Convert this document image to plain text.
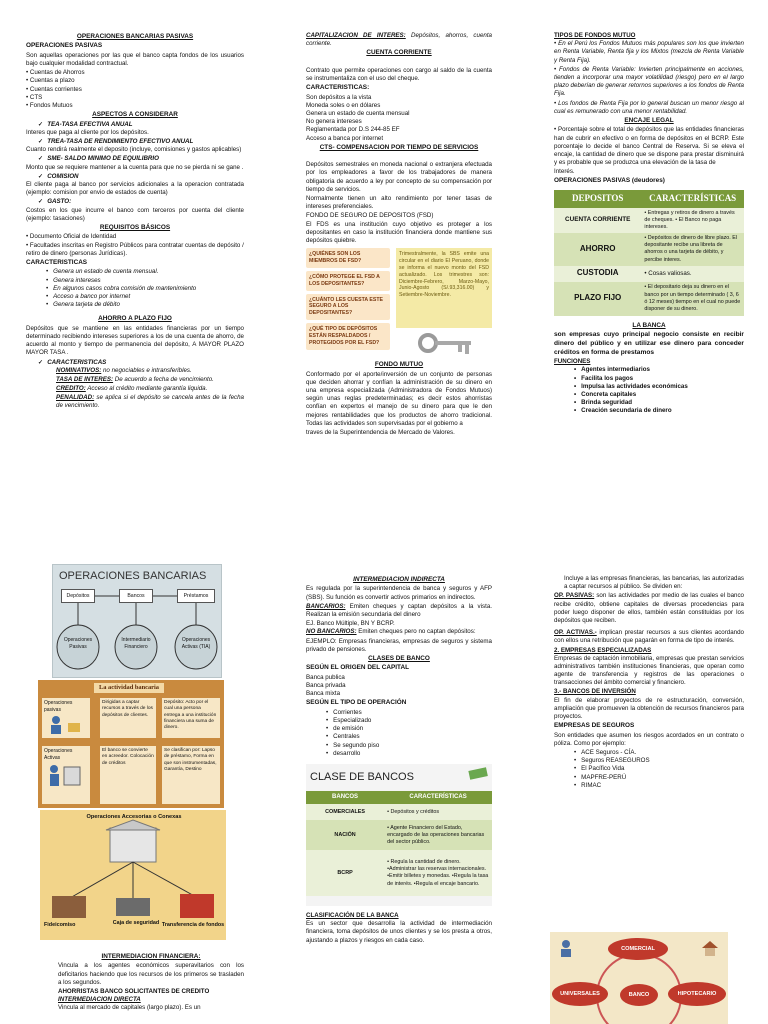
OPERACIONES BANCARIAS PASIVAS
OPERACIONES PASIVAS
Son aquellas operaciones por las que el banco capta fondos de los usuarios bajo cualquier modalidad contractual.
• Cuentas de Ahorros
• Cuentas a plazo
• Cuentas corrientes
• CTS
• Fondos Mutuos
ASPECTOS A CONSIDERAR
✓ TEA-TASA EFECTIVA ANUAL
Interes que paga al cliente por los depósitos.
✓ TREA-TASA DE RENDIMIENTO EFECTIVO ANUAL
Cuanto rendirá realmente el deposito (incluye, comisiones y gastos aplicables)
✓ SME- SALDO MINIMO DE EQUILIBRIO
Monto que se requiere mantener a la cuenta para que no se pierda ni se gane .
✓ COMISION
El cliente paga al banco por servicios adicionales a la operacion contratada (ejemplo: comision por envio de estados de cuenta)
✓ GASTO:
Costos en los que incurre el banco com terceros por cuenta del cliente (ejemplo: tasaciones)
REQUISITOS BÁSICOS
• Documento Oficial de Identidad
• Facultades inscritas en Registro Públicos para contratar cuentas de depósito / retiro de dinero (personas Jurídicas).
CARACTERISTICAS
• Genera un estado de cuenta mensual.
• Genera intereses
• En algunos casos cobra comisión de mantenimiento
• Acceso a banco por internet
• Genera tarjeta de débito
AHORRO A PLAZO FIJO
Depósitos que se mantiene en las entidades financieras por un tiempo determinado recibiendo intereses superiores a los de una cuenta de ahorro, de acuerdo al monto y tiempo de permanencia del depósito, A MAYOR PLAZO MAYOR TASA .
✓ CARACTERISTICAS
NOMINATIVOS: no negociables e intransferibles.
TASA DE INTERES: De acuerdo a fecha de vencimiento.
CREDITO: Acceso al crédito mediante garantía liquida.
PENALIDAD: se aplica si el depósito se cancela antes de la fecha de vencimiento.
CAPITALIZACION DE INTERES: Depósitos, ahorros, cuenta corriente.
CUENTA CORRIENTE
Contrato que permite operaciones con cargo al saldo de la cuenta se instrumentaliza con el uso del cheque.
CARACTERISTICAS:
Son depósitos a la vista
Moneda soles o en dólares
Genera un estado de cuenta mensual
No genera intereses
Reglamentada por D.S 244-85 EF
Acceso a banca por internet
CTS- COMPENSACION POR TIEMPO DE SERVICIOS
Depósitos semestrales en moneda nacional o extranjera efectuada por los empleadores a favor de los trabajadores de manera obligatoria de acuerdo a ley por concepto de su compensación por tiempo de servicios.
Normalmente tienen un alto rendimiento por tener tasas de intereses preferenciales.
FONDO DE SEGURO DE DEPOSITOS (FSD)
El FDS es una institución cuyo objetivo es proteger a los depositantes en caso la institución financiera donde mantiene sus depósitos quiebre.
¿QUIÉNES SON LOS MIEMBROS DE FSD?
¿CÓMO PROTEGE EL FSD A LOS DEPOSITANTES?
¿CUÁNTO LES CUESTA ESTE SEGURO A LOS DEPOSITANTES?
¿QUÉ TIPO DE DEPÓSITOS ESTÁN RESPALDADOS / PROTEGIDOS POR EL FSD?
Trimestralmente, la SBS emite una circular en el diario El Peruano, donde se informa el nuevo monto del FSD actualizado. Los trimestres son: Diciembre-Febrero, Marzo-Mayo, Junio-Agosto (S/.93,316.00) y Setiembre-Noviembre.
FONDO MUTUO
Conformado por el aporte/inversión de un conjunto de personas que deciden ahorrar y confían la administración de su dinero en una empresa especializada (Administradora de Fondos Mutuos) según unas reglas predeterminadas; es decir estos ahorristas confían en expertos el manejo de su dinero para que le den mejores rentabilidades que los productos de ahorro tradicional. Todas las actividades son supervisadas por el gobierno a
traves de la Superintendencia de Mercado de Valores.
TIPOS DE FONDOS MUTUO
• En el Perú los Fondos Mutuos más populares son los que invierten en Renta Variable, Renta fija y los Mixtos (mezcla de Renta Variable y Renta Fija).
• Fondos de Renta Variable: Invierten principalmente en acciones, tienden a incorporar una mayor volatilidad (riesgo) pero en el largo plazo deberían de generar retornos superiores a los fondos de Renta Fija.
• Los fondos de Renta Fija por lo general buscan un menor riesgo al cual es remunerado con una menor rentabilidad.
ENCAJE LEGAL
• Porcentaje sobre el total de depósitos que las entidades financieras han de cubrir en efectivo o en forma de depósitos en el BCRP. Este porcentaje lo decide el banco Central de Reserva. Si se eleva el encaje, la cantidad de dinero que se dispone para prestar disminuirá y es probable que se produzca una elevación de la tasa de
Interés.
OPERACIONES PASIVAS (deudores)
DEPOSITOS	CARACTERÍSTICAS
CUENTA CORRIENTE	• Entregas y retiros de dinero a través de cheques. • El Banco no paga intereses.
AHORRO	• Depósitos de dinero de libre plazo. El depositante recibe una libreta de ahorros o una tarjeta de débito, y percibe interes.
CUSTODIA	• Cosas valiosas.
PLAZO FIJO	• El depositario deja su dinero en el banco por un tiempo determinado ( 3, 6 ó 12 meses) tiempo en el cual no puede disponer de su dinero.
LA BANCA
son empresas cuyo principal negocio consiste en recibir dinero del público y en utilizar ese dinero para conceder créditos en forma de prestamos
FUNCIONES
• Agentes intermediarios
• Facilita los pagos
• Impulsa las actividades económicas
• Concreta capitales
• Brinda seguridad
• Creación secundaria de dinero
OPERACIONES BANCARIAS
Depósitos	Bancos	Préstamos
Operaciones Pasivas
Intermediario Financiero
Operaciones Activas (TIA)
La actividad bancaria
Operaciones pasivas
Dirigidas a captar recursos a través de los depósitos de clientes.
Depósito: Acto por el cual una persona entrega a una institución financiera una suma de dinero.
Operaciones Activas
El banco se convierte en acreedor. Colocación de créditos
Se clasifican por: Lapso de préstamo, Forma en que son instrumentadas, Garantía, Destino
Operaciones Accesorias o Conexas
Fideicomiso	Caja de seguridad Transferencia de fondos
INTERMEDIACION FINANCIERA:
Vincula a los agentes económicos superavitarios con los deficitarios haciendo que los recursos de los primeros se trasladen a los segundos.
AHORRISTAS BANCO SOLICITANTES DE CREDITO
INTERMEDIACION DIRECTA
Vincula al mercado de capitales (largo plazo). Es un
INTERMEDIACION INDIRECTA
Es regulada por la superintendencia de banca y seguros y AFP (SBS). Su función es convertir activos primarios en indirectos.
BANCARIOS: Emiten cheques y captan depósitos a la vista. Realizan la emisión secundaria del dinero
EJ. Banco Múltiple, BN Y BCRP.
NO BANCARIOS: Emiten cheques pero no captan depósitos:
EJEMPLO: Empresas financieras, empresas de seguros y sistema privado de pensiones.
CLASES DE BANCO
SEGÚN EL ORIGEN DEL CAPITAL
Banca publica
Banca privada
Banca mixta
SEGÚN EL TIPO DE OPERACIÓN
• Corrientes
• Especializado
• de emisión
• Centrales
• Se segundo piso
• desarrollo
CLASE DE BANCOS
BANCOS	CARACTERÍSTICAS
COMERCIALES	• Depósitos y créditos
NACIÓN	• Agente Financiero del Estado, encargado de las operaciones bancarias del sector público.
BCRP	• Regula la cantidad de dinero. •Administrar las reservas internacionales. •Emitir billetes y monedas. •Regula la tasa de interés. •Regula el encaje bancario.
CLASIFICACIÓN DE LA BANCA
Es un sector que desarrolla la actividad de intermediación financiera, toma depósitos de unos clientes y se los presta a otros, ajustando a plazos y riesgos en cada caso.
Incluye a las empresas financieras, las bancarias, las autorizadas a captar recursos al público. Se dividen en:
OP. PASIVAS: son las actividades por medio de las cuales el banco recibe crédito, obtiene capitales de diversas procedencias para poder luego disponer de ellos, también están constituidas por los depósitos que reciben.
OP. ACTIVAS.- implican prestar recursos a sus clientes acordando con ellos una retribución que pagarán en forma de tipo de interés.
2. EMPRESAS ESPECIALIZADAS
Empresas de captación inmobiliaria, empresas que prestan servicios administrativos también instituciones financieras, que operan como agente de transferencia y registros de las operaciones o transacciones del ámbito comercial y financiero.
3.- BANCOS DE INVERSIÓN
El fin de elaborar proyectos de re estructuración, conversión, ampliación que promueven la obtención de recursos financieros para proyectos.
EMPRESAS DE SEGUROS
Son entidades que asumen los riesgos acordados en un contrato o póliza. Como por ejemplo:
• ACE Seguros - CÍA.
• Seguros REASEGUROS
• El Pacífico Vida
• MAPFRE-PERÚ
• RIMAC
COMERCIAL
UNIVERSALES	BANCO	HIPOTECARIO
